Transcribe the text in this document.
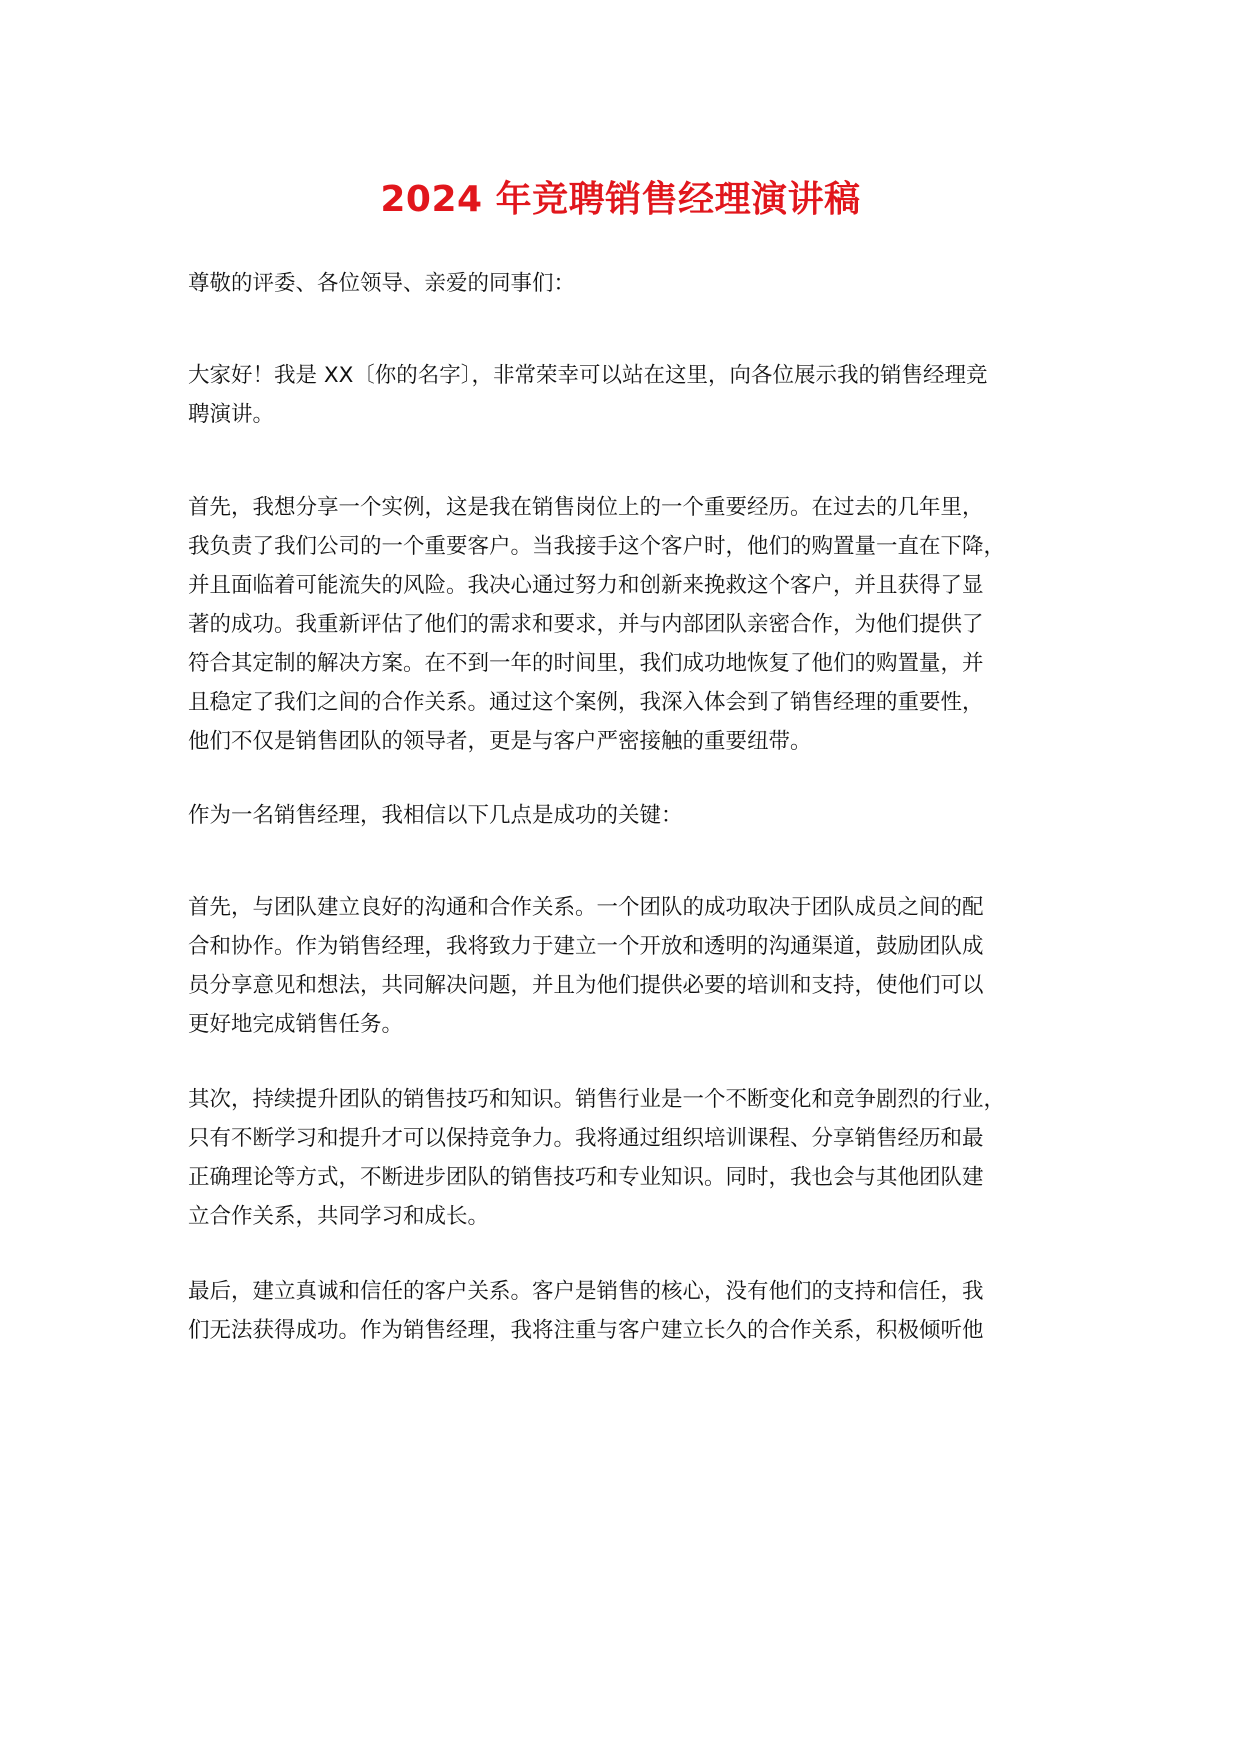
2024 年竞聘销售经理演讲稿
尊敬的评委、各位领导、亲爱的同事们：
大家好！我是 XX〔你的名字〕，非常荣幸可以站在这里，向各位展示我的销售经理竞
聘演讲。
首先，我想分享一个实例，这是我在销售岗位上的一个重要经历。在过去的几年里，
我负责了我们公司的一个重要客户。当我接手这个客户时，他们的购置量一直在下降，
并且面临着可能流失的风险。我决心通过努力和创新来挽救这个客户，并且获得了显
著的成功。我重新评估了他们的需求和要求，并与内部团队亲密合作，为他们提供了
符合其定制的解决方案。在不到一年的时间里，我们成功地恢复了他们的购置量，并
且稳定了我们之间的合作关系。通过这个案例，我深入体会到了销售经理的重要性，
他们不仅是销售团队的领导者，更是与客户严密接触的重要纽带。
作为一名销售经理，我相信以下几点是成功的关键：
首先，与团队建立良好的沟通和合作关系。一个团队的成功取决于团队成员之间的配
合和协作。作为销售经理，我将致力于建立一个开放和透明的沟通渠道，鼓励团队成
员分享意见和想法，共同解决问题，并且为他们提供必要的培训和支持，使他们可以
更好地完成销售任务。
其次，持续提升团队的销售技巧和知识。销售行业是一个不断变化和竞争剧烈的行业，
只有不断学习和提升才可以保持竞争力。我将通过组织培训课程、分享销售经历和最
正确理论等方式，不断进步团队的销售技巧和专业知识。同时，我也会与其他团队建
立合作关系，共同学习和成长。
最后，建立真诚和信任的客户关系。客户是销售的核心，没有他们的支持和信任，我
们无法获得成功。作为销售经理，我将注重与客户建立长久的合作关系，积极倾听他
